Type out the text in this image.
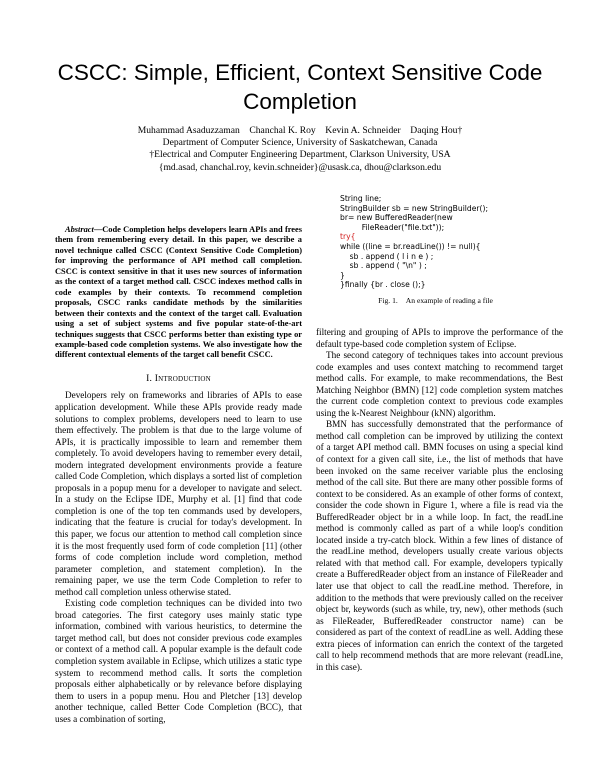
CSCC: Simple, Efficient, Context Sensitive Code
Completion
Muhammad Asaduzzaman    Chanchal K. Roy    Kevin A. Schneider    Daqing Hou†
Department of Computer Science, University of Saskatchewan, Canada
†Electrical and Computer Engineering Department, Clarkson University, USA
{md.asad, chanchal.roy, kevin.schneider}@usask.ca, dhou@clarkson.edu

Abstract—Code Completion helps developers learn APIs and frees them from remembering every detail. In this paper, we describe a novel technique called CSCC (Context Sensitive Code Completion) for improving the performance of API method call completion. CSCC is context sensitive in that it uses new sources of information as the context of a target method call. CSCC indexes method calls in code examples by their contexts. To recommend completion proposals, CSCC ranks candidate methods by the similarities between their contexts and the context of the target call. Evaluation using a set of subject systems and five popular state-of-the-art techniques suggests that CSCC performs better than existing type or example-based code completion systems. We also investigate how the different contextual elements of the target call benefit CSCC.

I. Introduction

Developers rely on frameworks and libraries of APIs to ease application development. While these APIs provide ready made solutions to complex problems, developers need to learn to use them effectively. The problem is that due to the large volume of APIs, it is practically impossible to learn and remember them completely. To avoid developers having to remember every detail, modern integrated development environments provide a feature called Code Completion, which displays a sorted list of completion proposals in a popup menu for a developer to navigate and select. In a study on the Eclipse IDE, Murphy et al. [1] find that code completion is one of the top ten commands used by developers, indicating that the feature is crucial for today's development. In this paper, we focus our attention to method call completion since it is the most frequently used form of code completion [11] (other forms of code completion include word completion, method parameter completion, and statement completion). In the remaining paper, we use the term Code Completion to refer to method call completion unless otherwise stated.

Existing code completion techniques can be divided into two broad categories. The first category uses mainly static type information, combined with various heuristics, to determine the target method call, but does not consider previous code examples or context of a method call. A popular example is the default code completion system available in Eclipse, which utilizes a static type system to recommend method calls. It sorts the completion proposals either alphabetically or by relevance before displaying them to users in a popup menu. Hou and Pletcher [13] develop another technique, called Better Code Completion (BCC), that uses a combination of sorting,

String line;
StringBuilder sb = new StringBuilder();
br= new BufferedReader(new
FileReader("file.txt"));
try{
while ((line = br.readLine()) != null){
sb . append ( l i n e ) ;
sb . append ( "\n" ) ;
}
}finally {br . close ();}
Fig. 1. An example of reading a file

filtering and grouping of APIs to improve the performance of the default type-based code completion system of Eclipse.

The second category of techniques takes into account previous code examples and uses context matching to recommend target method calls. For example, to make recommendations, the Best Matching Neighbor (BMN) [12] code completion system matches the current code completion context to previous code examples using the k-Nearest Neighbour (kNN) algorithm.

BMN has successfully demonstrated that the performance of method call completion can be improved by utilizing the context of a target API method call. BMN focuses on using a special kind of context for a given call site, i.e., the list of methods that have been invoked on the same receiver variable plus the enclosing method of the call site. But there are many other possible forms of context to be considered. As an example of other forms of context, consider the code shown in Figure 1, where a file is read via the BufferedReader object br in a while loop. In fact, the readLine method is commonly called as part of a while loop's condition located inside a try-catch block. Within a few lines of distance of the readLine method, developers usually create various objects related with that method call. For example, developers typically create a BufferedReader object from an instance of FileReader and later use that object to call the readLine method. Therefore, in addition to the methods that were previously called on the receiver object br, keywords (such as while, try, new), other methods (such as FileReader, BufferedReader constructor name) can be considered as part of the context of readLine as well. Adding these extra pieces of information can enrich the context of the targeted call to help recommend methods that are more relevant (readLine, in this case).
